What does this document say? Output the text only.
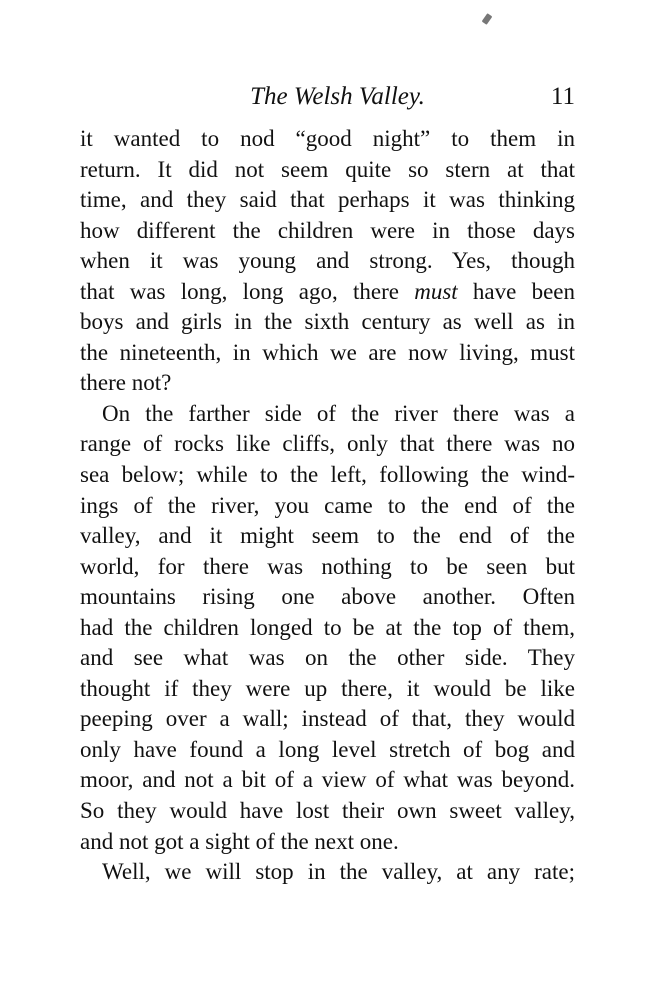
The Welsh Valley.	11
it wanted to nod “good night” to them in
return. It did not seem quite so stern at that
time, and they said that perhaps it was thinking
how different the children were in those days
when it was young and strong. Yes, though
that was long, long ago, there must have been
boys and girls in the sixth century as well as in
the nineteenth, in which we are now living, must
there not?
On the farther side of the river there was a
range of rocks like cliffs, only that there was no
sea below; while to the left, following the wind-
ings of the river, you came to the end of the
valley, and it might seem to the end of the
world, for there was nothing to be seen but
mountains rising one above another. Often
had the children longed to be at the top of them,
and see what was on the other side. They
thought if they were up there, it would be like
peeping over a wall; instead of that, they would
only have found a long level stretch of bog and
moor, and not a bit of a view of what was beyond.
So they would have lost their own sweet valley,
and not got a sight of the next one.
Well, we will stop in the valley, at any rate;
